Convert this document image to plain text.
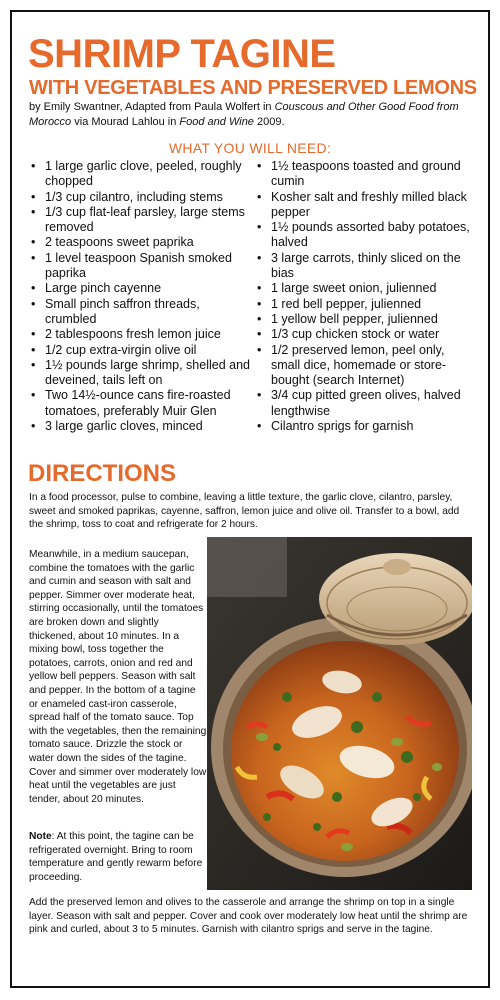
SHRIMP TAGINE
WITH VEGETABLES AND PRESERVED LEMONS
by Emily Swantner, Adapted from Paula Wolfert in Couscous and Other Good Food from Morocco via Mourad Lahlou in Food and Wine 2009.
WHAT YOU WILL NEED:
• 1 large garlic clove, peeled, roughly chopped
• 1/3 cup cilantro, including stems
• 1/3 cup flat-leaf parsley, large stems removed
• 2 teaspoons sweet paprika
• 1 level teaspoon Spanish smoked paprika
• Large pinch cayenne
• Small pinch saffron threads, crumbled
• 2 tablespoons fresh lemon juice
• 1/2 cup extra-virgin olive oil
• 1½ pounds large shrimp, shelled and deveined, tails left on
• Two 14½-ounce cans fire-roasted tomatoes, preferably Muir Glen
• 3 large garlic cloves, minced
• 1½ teaspoons toasted and ground cumin
• Kosher salt and freshly milled black pepper
• 1½ pounds assorted baby potatoes, halved
• 3 large carrots, thinly sliced on the bias
• 1 large sweet onion, julienned
• 1 red bell pepper, julienned
• 1 yellow bell pepper, julienned
• 1/3 cup chicken stock or water
• 1/2 preserved lemon, peel only, small dice, homemade or store-bought (search Internet)
• 3/4 cup pitted green olives, halved lengthwise
• Cilantro sprigs for garnish
DIRECTIONS
In a food processor, pulse to combine, leaving a little texture, the garlic clove, cilantro, parsley, sweet and smoked paprikas, cayenne, saffron, lemon juice and olive oil. Transfer to a bowl, add the shrimp, toss to coat and refrigerate for 2 hours.
Meanwhile, in a medium saucepan, combine the tomatoes with the garlic and cumin and season with salt and pepper. Simmer over moderate heat, stirring occasionally, until the tomatoes are broken down and slightly thickened, about 10 minutes. In a mixing bowl, toss together the potatoes, carrots, onion and red and yellow bell peppers. Season with salt and pepper. In the bottom of a tagine or enameled cast-iron casserole, spread half of the tomato sauce. Top with the vegetables, then the remaining tomato sauce. Drizzle the stock or water down the sides of the tagine. Cover and simmer over moderately low heat until the vegetables are just tender, about 20 minutes.
Note: At this point, the tagine can be refrigerated overnight. Bring to room temperature and gently rewarm before proceeding.
Add the preserved lemon and olives to the casserole and arrange the shrimp on top in a single layer. Season with salt and pepper. Cover and cook over moderately low heat until the shrimp are pink and curled, about 3 to 5 minutes. Garnish with cilantro sprigs and serve in the tagine.
